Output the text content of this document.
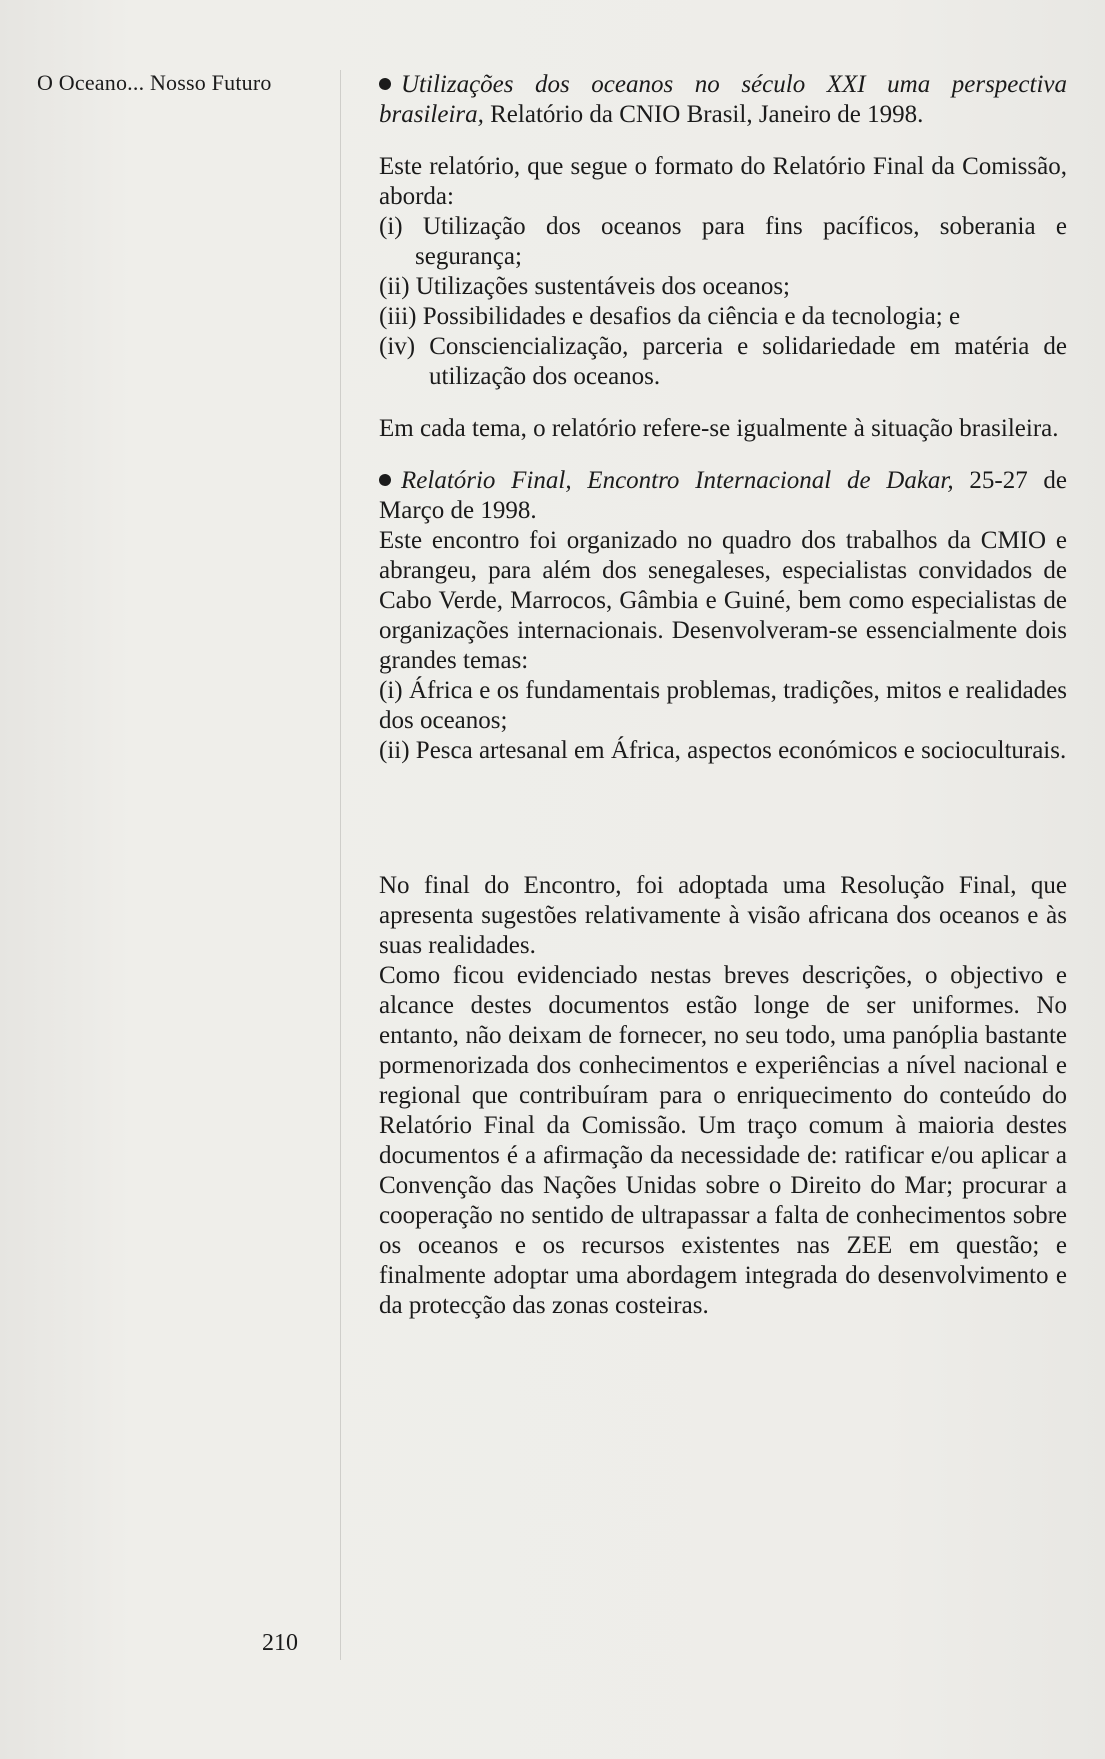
O Oceano... Nosso Futuro	Utilizações dos oceanos no século XXI uma perspectiva brasileira, Relatório da CNIO Brasil, Janeiro de 1998.

Este relatório, que segue o formato do Relatório Final da Comissão, aborda:

(i) Utilização dos oceanos para fins pacíficos, soberania e segurança;

(ii) Utilizações sustentáveis dos oceanos;

(iii) Possibilidades e desafios da ciência e da tecnologia; e

(iv) Consciencialização, parceria e solidariedade em matéria de utilização dos oceanos.

Em cada tema, o relatório refere-se igualmente à situação brasileira.

Relatório Final, Encontro Internacional de Dakar, 25-27 de Março de 1998.

Este encontro foi organizado no quadro dos trabalhos da CMIO e abrangeu, para além dos senegaleses, especialistas convidados de Cabo Verde, Marrocos, Gâmbia e Guiné, bem como especialistas de organizações internacionais. Desenvolveram-se essencialmente dois grandes temas:

(i) África e os fundamentais problemas, tradições, mitos e realidades dos oceanos;

(ii) Pesca artesanal em África, aspectos económicos e socioculturais.

No final do Encontro, foi adoptada uma Resolução Final, que apresenta sugestões relativamente à visão africana dos oceanos e às suas realidades.

Como ficou evidenciado nestas breves descrições, o objectivo e alcance destes documentos estão longe de ser uniformes. No entanto, não deixam de fornecer, no seu todo, uma panóplia bastante pormenorizada dos conhecimentos e experiências a nível nacional e regional que contribuíram para o enriquecimento do conteúdo do Relatório Final da Comissão. Um traço comum à maioria destes documentos é a afirmação da necessidade de: ratificar e/ou aplicar a Convenção das Nações Unidas sobre o Direito do Mar; procurar a cooperação no sentido de ultrapassar a falta de conhecimentos sobre os oceanos e os recursos existentes nas ZEE em questão; e finalmente adoptar uma abordagem integrada do desenvolvimento e da protecção das zonas costeiras.

210
